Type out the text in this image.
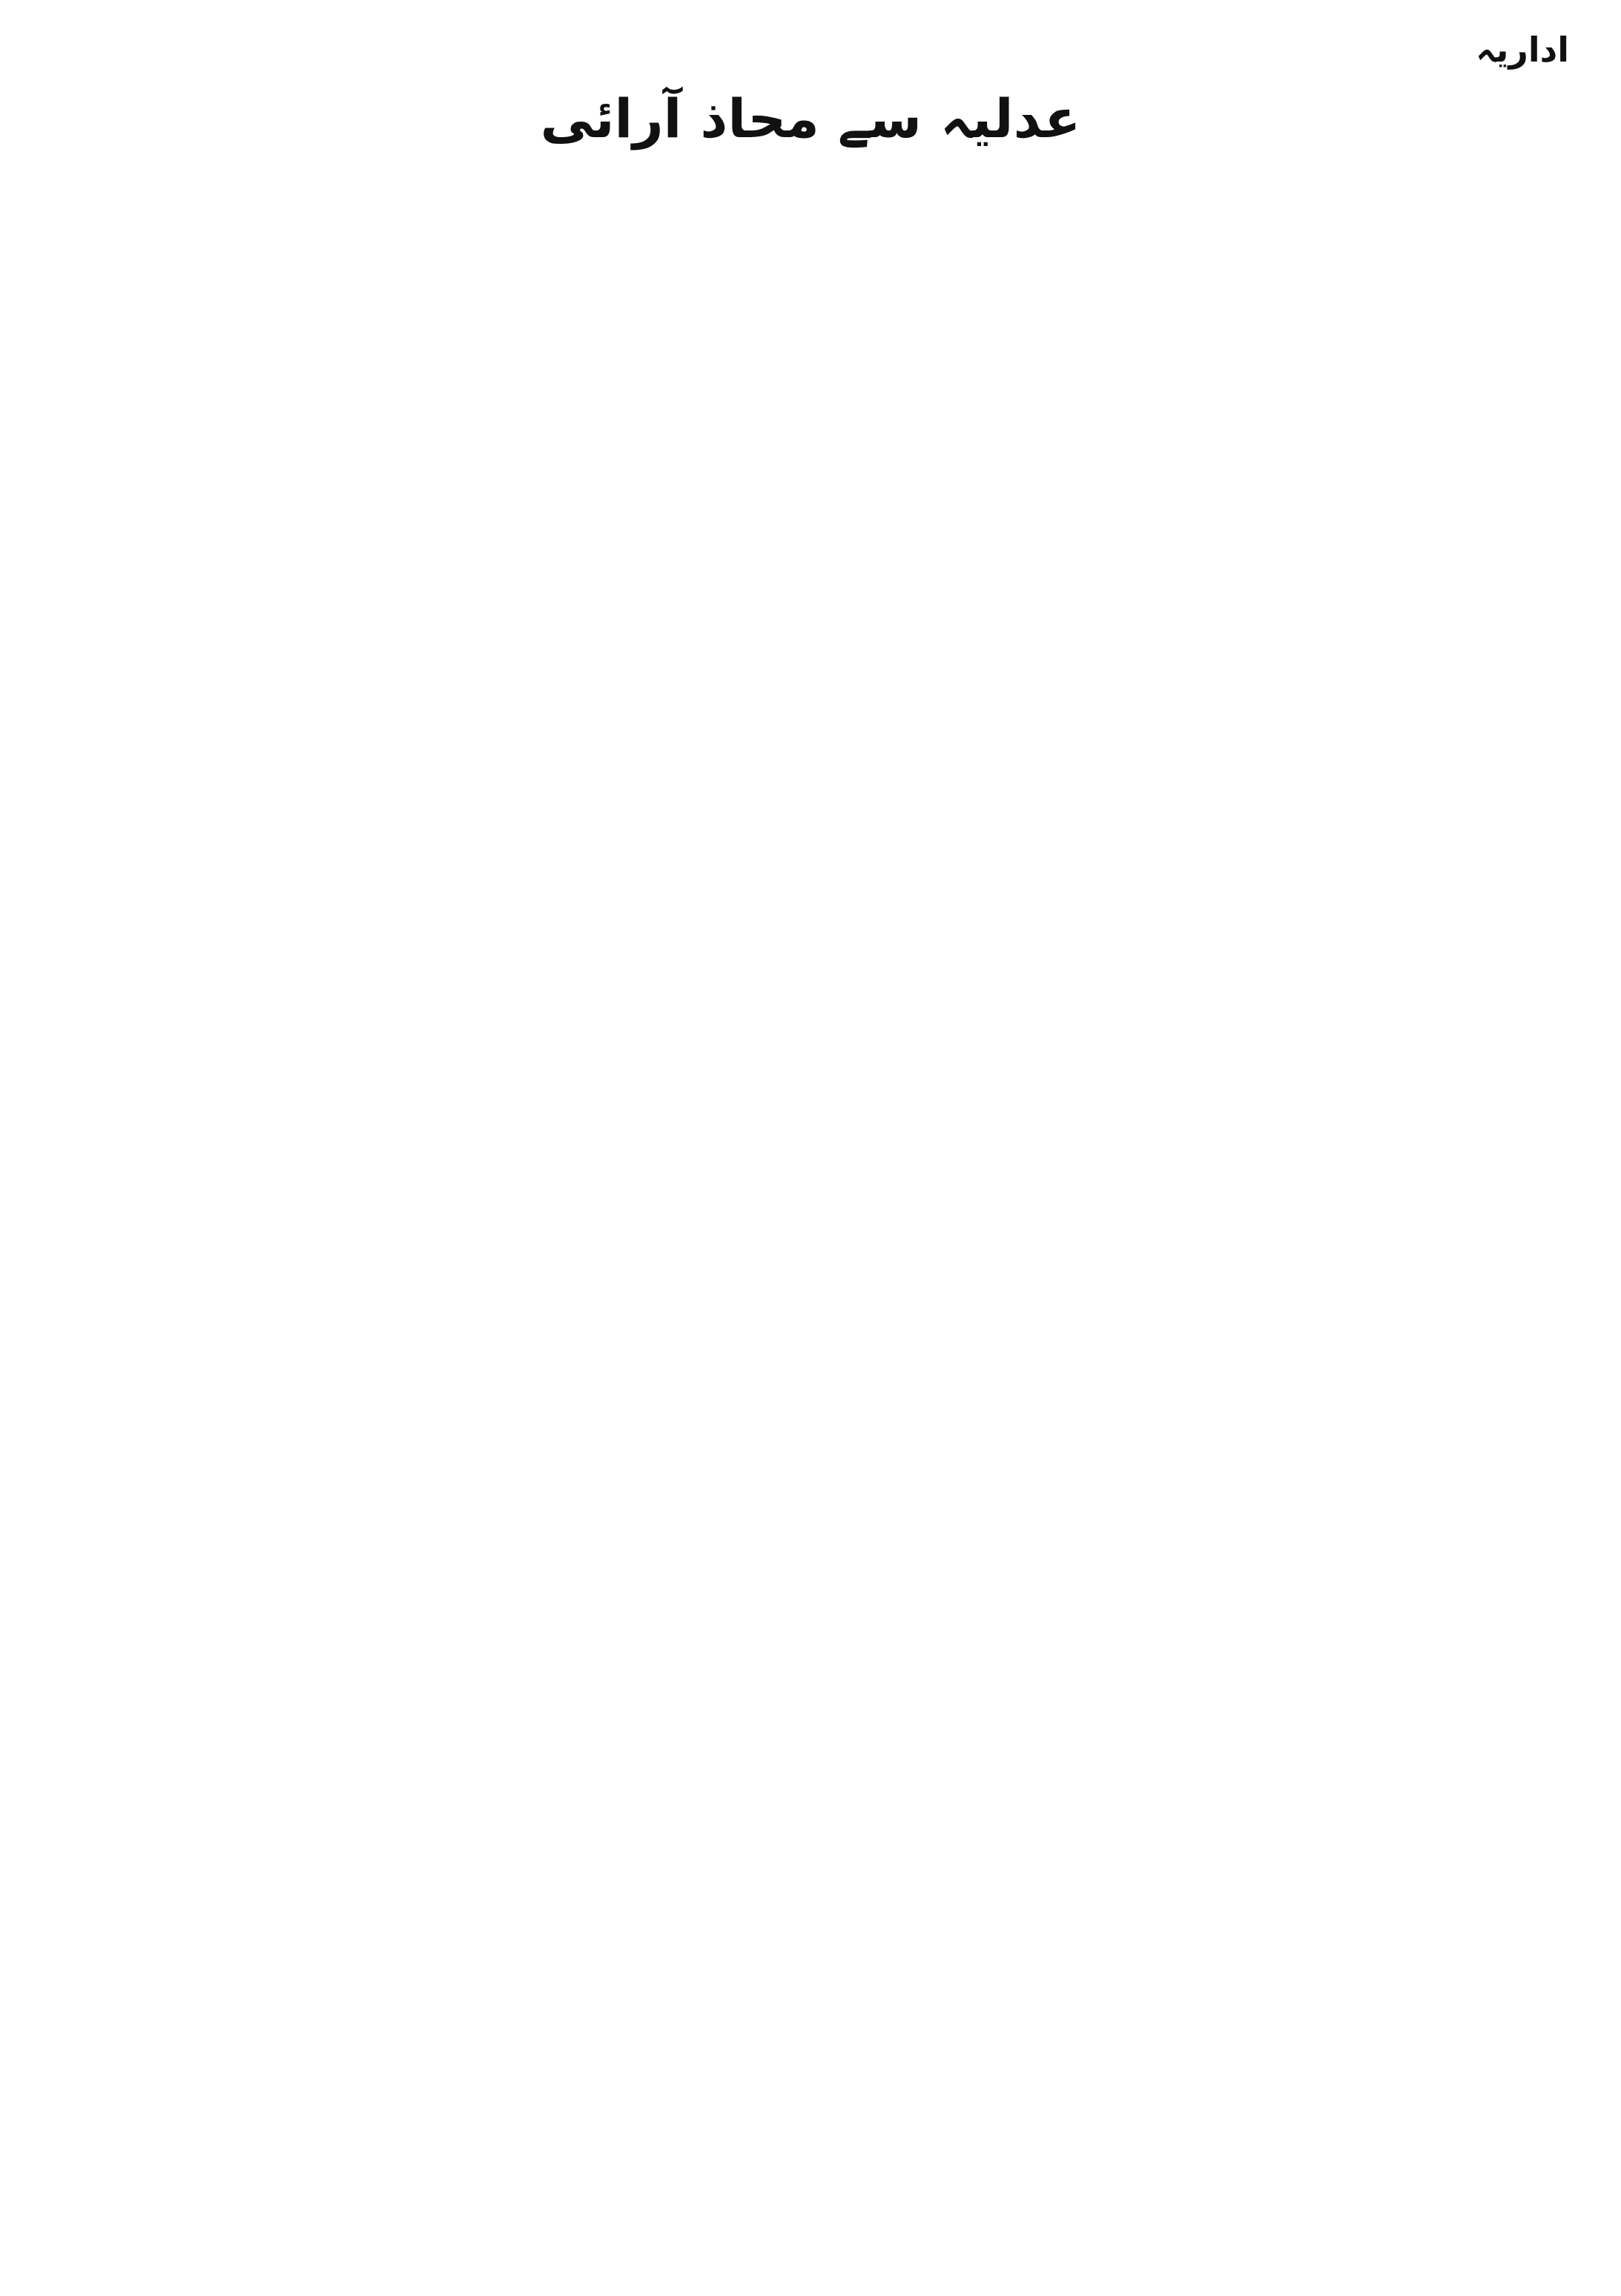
اداریہ
عدلیہ سے محاذ آرائی
